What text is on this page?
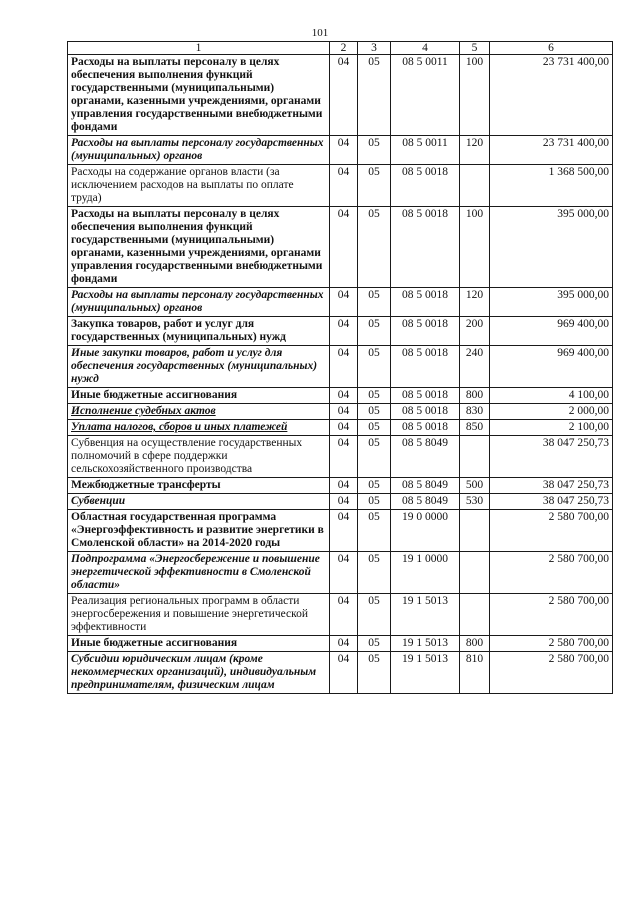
101
1	2	3	4	5	6
Расходы на выплаты персоналу в целях обеспечения выполнения функций государственными (муниципальными) органами, казенными учреждениями, органами управления государственными внебюджетными фондами	04	05	08 5 0011	100	23 731 400,00
Расходы на выплаты персоналу государственных (муниципальных) органов	04	05	08 5 0011	120	23 731 400,00
Расходы на содержание органов власти (за исключением расходов на выплаты по оплате труда)	04	05	08 5 0018		1 368 500,00
Расходы на выплаты персоналу в целях обеспечения выполнения функций государственными (муниципальными) органами, казенными учреждениями, органами управления государственными внебюджетными фондами	04	05	08 5 0018	100	395 000,00
Расходы на выплаты персоналу государственных (муниципальных) органов	04	05	08 5 0018	120	395 000,00
Закупка товаров, работ и услуг для государственных (муниципальных) нужд	04	05	08 5 0018	200	969 400,00
Иные закупки товаров, работ и услуг для обеспечения государственных (муниципальных) нужд	04	05	08 5 0018	240	969 400,00
Иные бюджетные ассигнования	04	05	08 5 0018	800	4 100,00
Исполнение судебных актов	04	05	08 5 0018	830	2 000,00
Уплата налогов, сборов и иных платежей	04	05	08 5 0018	850	2 100,00
Субвенция на осуществление государственных полномочий в сфере поддержки сельскохозяйственного производства	04	05	08 5 8049		38 047 250,73
Межбюджетные трансферты	04	05	08 5 8049	500	38 047 250,73
Субвенции	04	05	08 5 8049	530	38 047 250,73
Областная государственная программа «Энергоэффективность и развитие энергетики в Смоленской области» на 2014-2020 годы	04	05	19 0 0000		2 580 700,00
Подпрограмма «Энергосбережение и повышение энергетической эффективности в Смоленской области»	04	05	19 1 0000		2 580 700,00
Реализация региональных программ в области энергосбережения и повышение энергетической эффективности	04	05	19 1 5013		2 580 700,00
Иные бюджетные ассигнования	04	05	19 1 5013	800	2 580 700,00
Субсидии юридическим лицам (кроме некоммерческих организаций), индивидуальным предпринимателям, физическим лицам	04	05	19 1 5013	810	2 580 700,00
